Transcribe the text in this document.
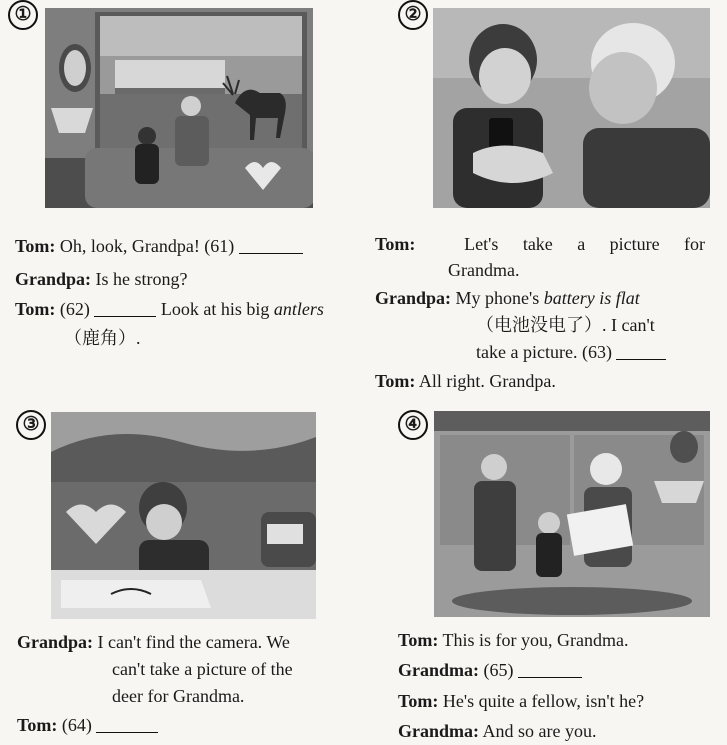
①
Tom: Oh, look, Grandpa! (61)
Grandpa: Is he strong?
Tom: (62)	Look at his big antlers
（鹿角）.
②
Tom:	Let's take a picture for
Grandma.
Grandpa: My phone's battery is flat
（电池没电了）. I can't
take a picture. (63)
Tom: All right. Grandpa.
③
Grandpa: I can't find the camera. We
can't take a picture of the
deer for Grandma.
Tom: (64)
④
Tom: This is for you, Grandma.
Grandma: (65)
Tom: He's quite a fellow, isn't he?
Grandma: And so are you.
